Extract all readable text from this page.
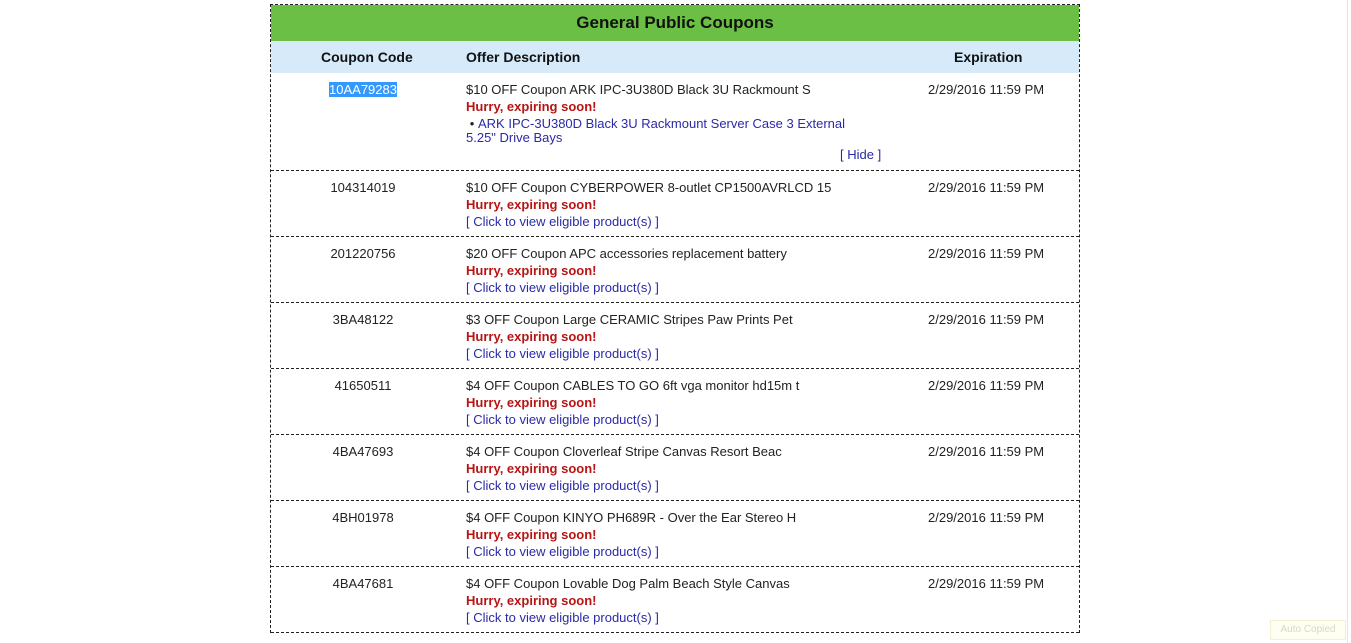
General Public Coupons
Coupon Code	Offer Description	Expiration
10AA79283	$10 OFF Coupon ARK IPC-3U380D Black 3U Rackmount S
Hurry, expiring soon!
• ARK IPC-3U380D Black 3U Rackmount Server Case 3 External 5.25" Drive Bays
2/29/2016 11:59 PM
[ Hide ]
104314019	$10 OFF Coupon CYBERPOWER 8-outlet CP1500AVRLCD 15
Hurry, expiring soon!
[ Click to view eligible product(s) ]
2/29/2016 11:59 PM
201220756	$20 OFF Coupon APC accessories replacement battery
Hurry, expiring soon!
[ Click to view eligible product(s) ]
2/29/2016 11:59 PM
3BA48122	$3 OFF Coupon Large CERAMIC Stripes Paw Prints Pet
Hurry, expiring soon!
[ Click to view eligible product(s) ]
2/29/2016 11:59 PM
41650511	$4 OFF Coupon CABLES TO GO 6ft vga monitor hd15m t
Hurry, expiring soon!
[ Click to view eligible product(s) ]
2/29/2016 11:59 PM
4BA47693	$4 OFF Coupon Cloverleaf Stripe Canvas Resort Beac
Hurry, expiring soon!
[ Click to view eligible product(s) ]
2/29/2016 11:59 PM
4BH01978	$4 OFF Coupon KINYO PH689R - Over the Ear Stereo H
Hurry, expiring soon!
[ Click to view eligible product(s) ]
2/29/2016 11:59 PM
4BA47681	$4 OFF Coupon Lovable Dog Palm Beach Style Canvas
Hurry, expiring soon!
[ Click to view eligible product(s) ]
2/29/2016 11:59 PM
Auto Copied
